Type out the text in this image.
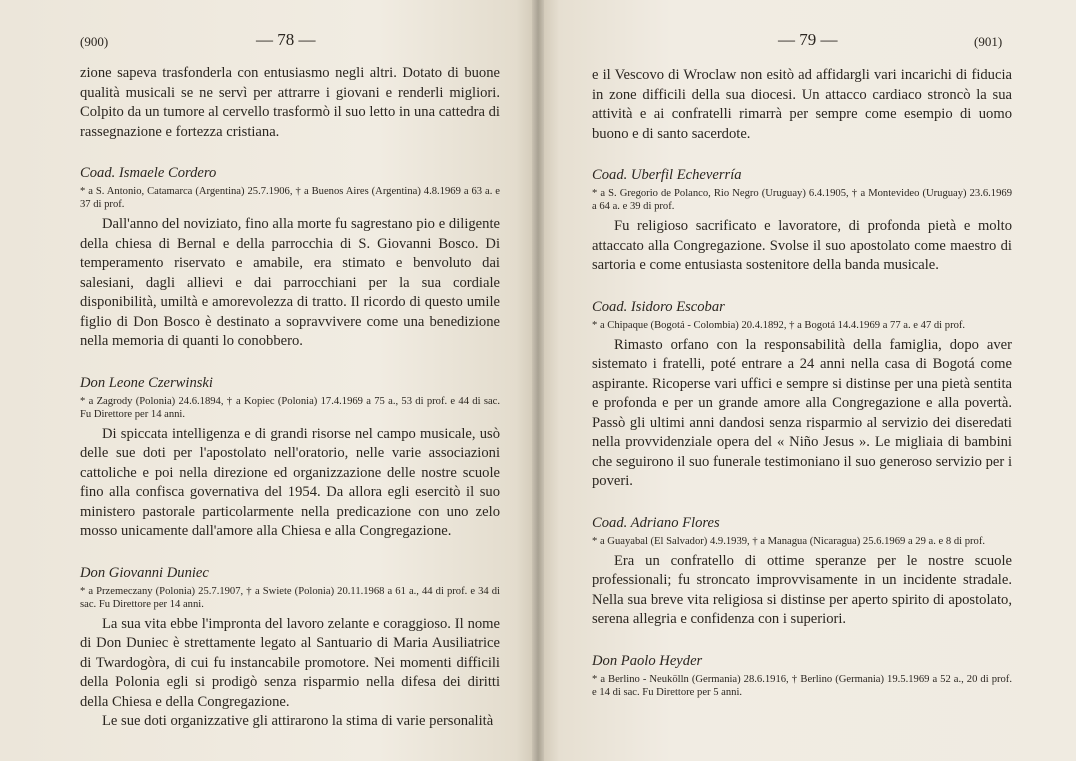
(900)	— 78 —

zione sapeva trasfonderla con entusiasmo negli altri. Dotato di buone qualità musicali se ne servì per attrarre i giovani e renderli migliori. Colpito da un tumore al cervello trasformò il suo letto in una cattedra di rassegnazione e fortezza cristiana.

Coad. Ismaele Cordero

* a S. Antonio, Catamarca (Argentina) 25.7.1906, † a Buenos Aires (Argentina) 4.8.1969 a 63 a. e 37 di prof.

Dall'anno del noviziato, fino alla morte fu sagrestano pio e diligente della chiesa di Bernal e della parrocchia di S. Giovanni Bosco. Di temperamento riservato e amabile, era stimato e benvoluto dai salesiani, dagli allievi e dai parrocchiani per la sua cordiale disponibilità, umiltà e amorevolezza di tratto. Il ricordo di questo umile figlio di Don Bosco è destinato a sopravvivere come una benedizione nella memoria di quanti lo conobbero.

Don Leone Czerwinski

* a Zagrody (Polonia) 24.6.1894, † a Kopiec (Polonia) 17.4.1969 a 75 a., 53 di prof. e 44 di sac. Fu Direttore per 14 anni.

Di spiccata intelligenza e di grandi risorse nel campo musicale, usò delle sue doti per l'apostolato nell'oratorio, nelle varie associazioni cattoliche e poi nella direzione ed organizzazione delle nostre scuole fino alla confisca governativa del 1954. Da allora egli esercitò il suo ministero pastorale particolarmente nella predicazione con uno zelo mosso unicamente dall'amore alla Chiesa e alla Congregazione.

Don Giovanni Duniec

* a Przemeczany (Polonia) 25.7.1907, † a Swiete (Polonia) 20.11.1968 a 61 a., 44 di prof. e 34 di sac. Fu Direttore per 14 anni.

La sua vita ebbe l'impronta del lavoro zelante e coraggioso. Il nome di Don Duniec è strettamente legato al Santuario di Maria Ausiliatrice di Twardogòra, di cui fu instancabile promotore. Nei momenti difficili della Polonia egli si prodigò senza risparmio nella difesa dei diritti della Chiesa e della Congregazione.

Le sue doti organizzative gli attirarono la stima di varie personalità

— 79 —	(901)

e il Vescovo di Wroclaw non esitò ad affidargli vari incarichi di fiducia in zone difficili della sua diocesi. Un attacco cardiaco stroncò la sua attività e ai confratelli rimarrà per sempre come esempio di uomo buono e di santo sacerdote.

Coad. Uberfil Echeverría

* a S. Gregorio de Polanco, Rio Negro (Uruguay) 6.4.1905, † a Montevideo (Uruguay) 23.6.1969 a 64 a. e 39 di prof.

Fu religioso sacrificato e lavoratore, di profonda pietà e molto attaccato alla Congregazione. Svolse il suo apostolato come maestro di sartoria e come entusiasta sostenitore della banda musicale.

Coad. Isidoro Escobar

* a Chipaque (Bogotá - Colombia) 20.4.1892, † a Bogotá 14.4.1969 a 77 a. e 47 di prof.

Rimasto orfano con la responsabilità della famiglia, dopo aver sistemato i fratelli, poté entrare a 24 anni nella casa di Bogotá come aspirante. Ricoperse vari uffici e sempre si distinse per una pietà sentita e profonda e per un grande amore alla Congregazione e alla povertà. Passò gli ultimi anni dandosi senza risparmio al servizio dei diseredati nella provvidenziale opera del « Niño Jesus ». Le migliaia di bambini che seguirono il suo funerale testimoniano il suo generoso servizio per i poveri.

Coad. Adriano Flores

* a Guayabal (El Salvador) 4.9.1939, † a Managua (Nicaragua) 25.6.1969 a 29 a. e 8 di prof.

Era un confratello di ottime speranze per le nostre scuole professionali; fu stroncato improvvisamente in un incidente stradale. Nella sua breve vita religiosa si distinse per aperto spirito di apostolato, serena allegria e confidenza con i superiori.

Don Paolo Heyder

* a Berlino - Neukölln (Germania) 28.6.1916, † Berlino (Germania) 19.5.1969 a 52 a., 20 di prof. e 14 di sac. Fu Direttore per 5 anni.
